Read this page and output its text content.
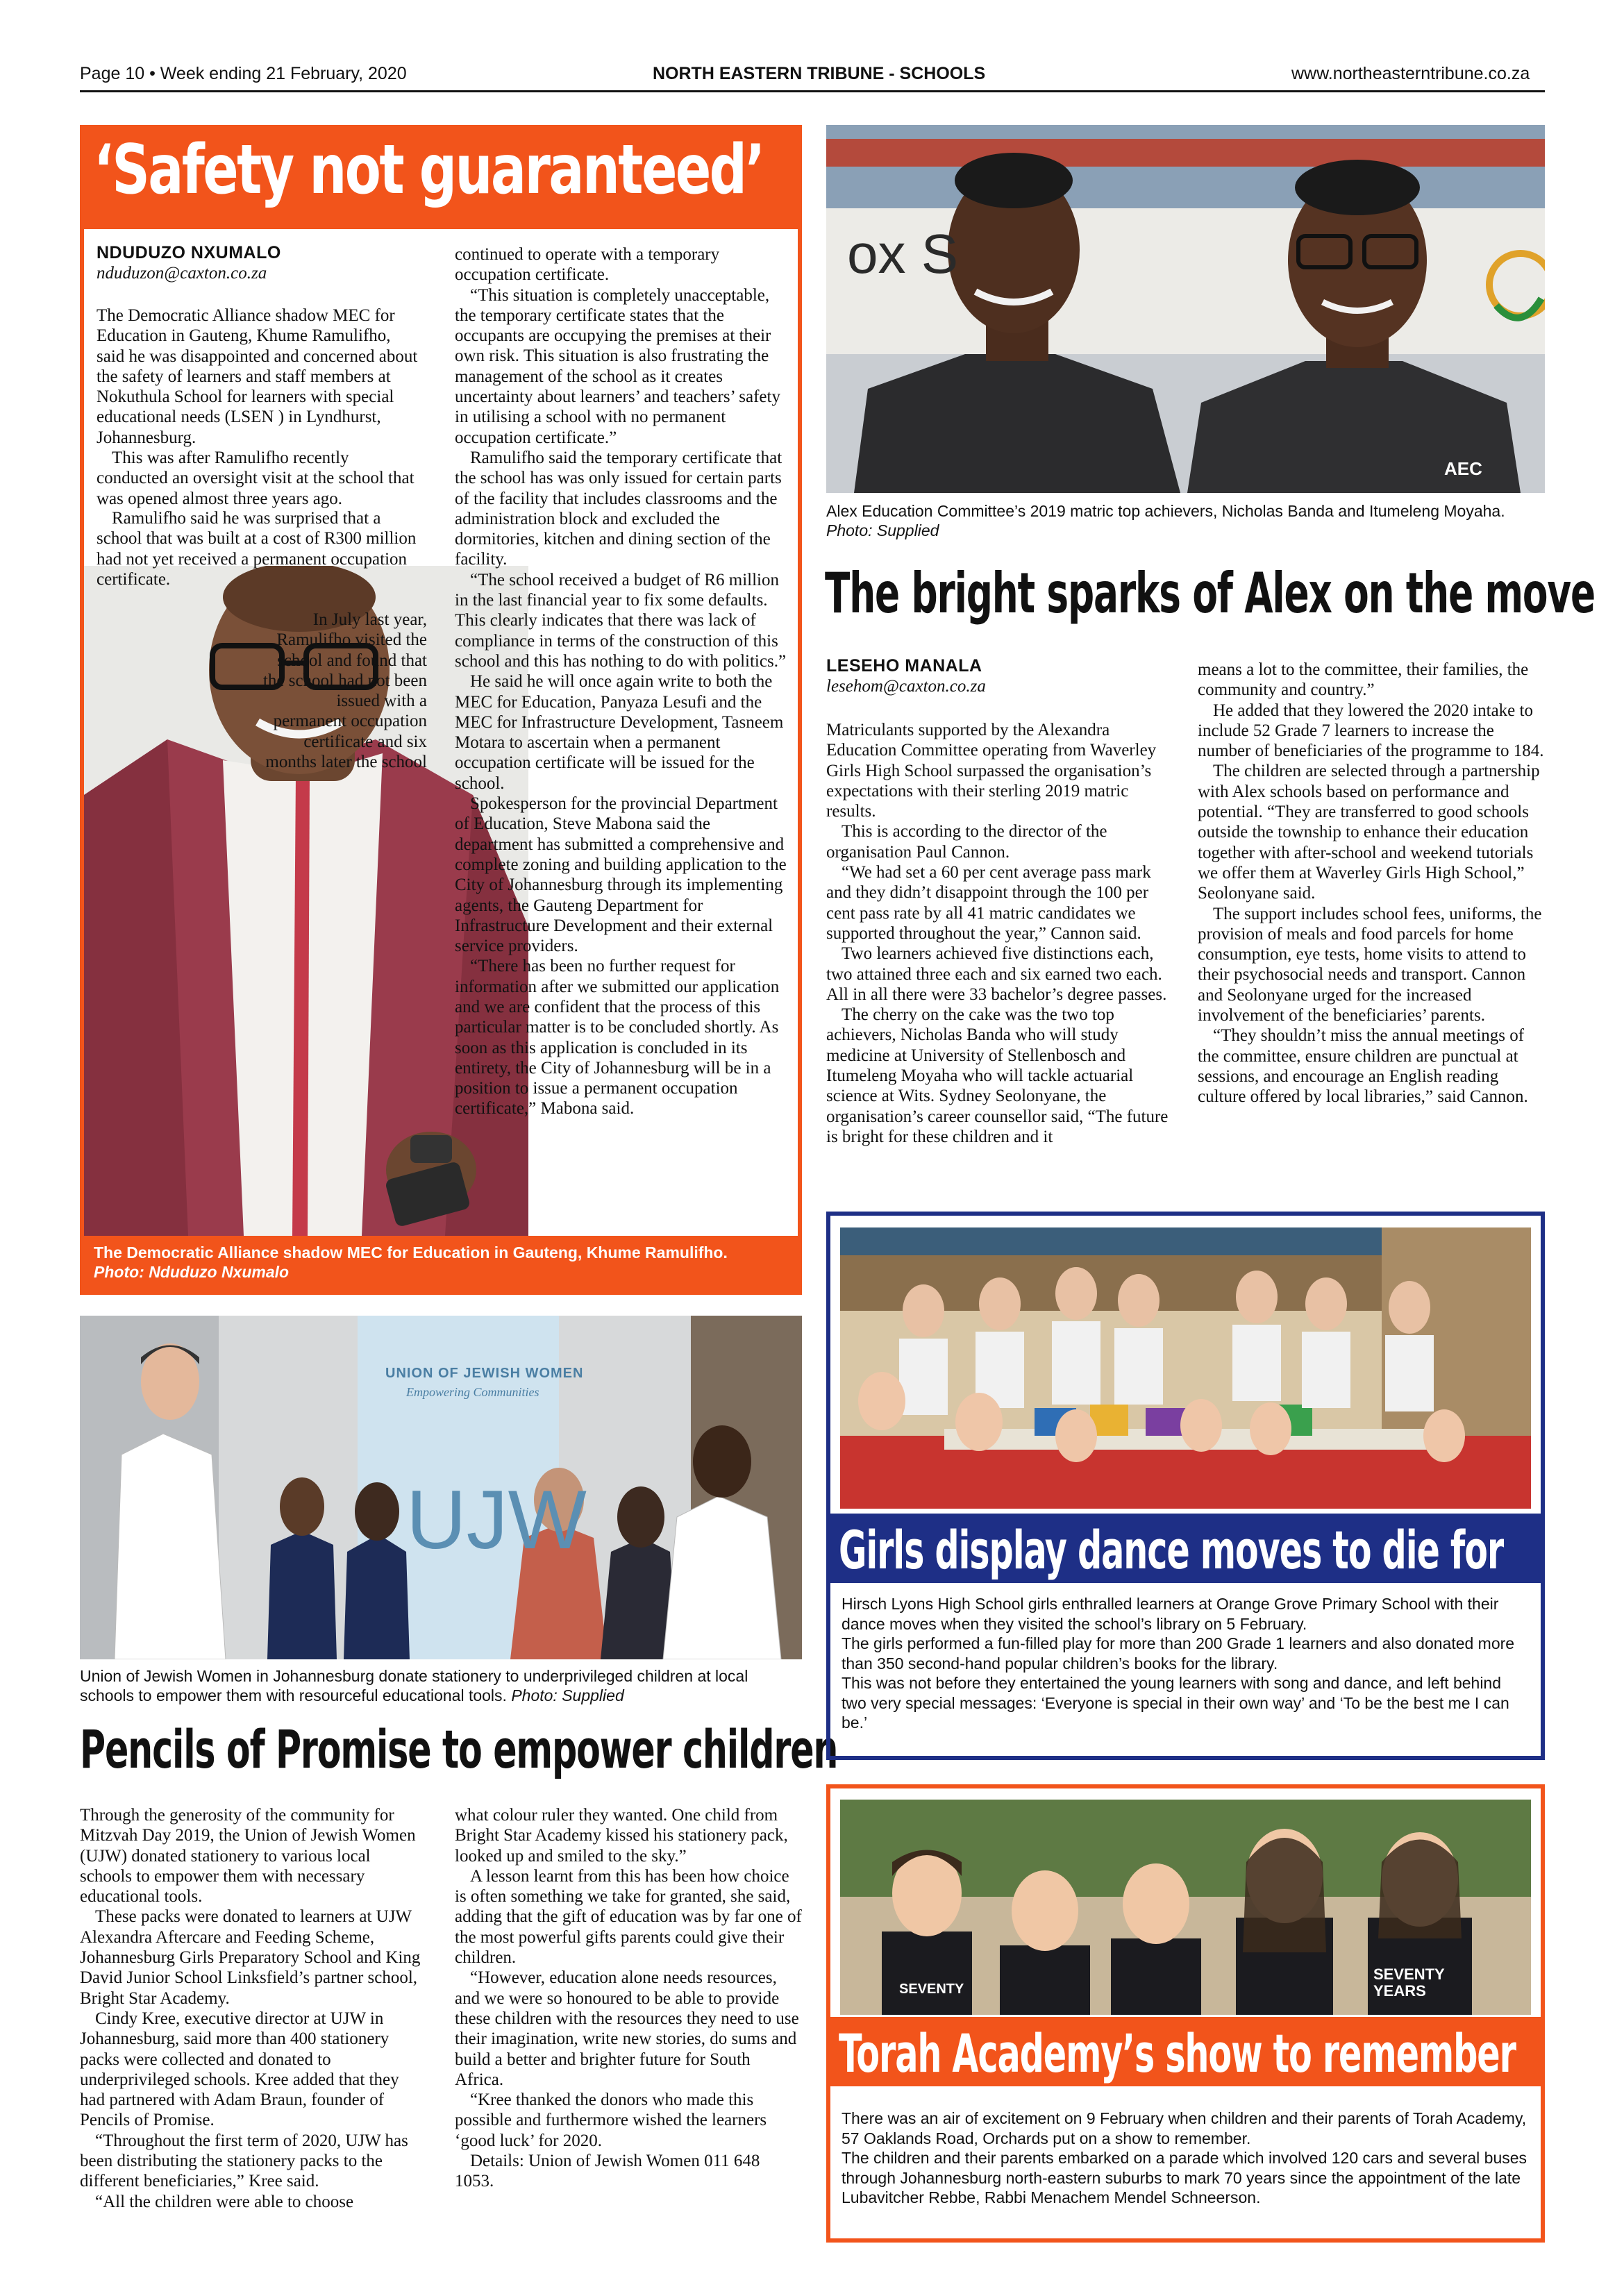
Page 10 • Week ending 21 February, 2020	NORTH EASTERN TRIBUNE - SCHOOLS	www.northeasterntribune.co.za
‘Safety not guaranteed’
NDUDUZO NXUMALO
nduduzon@caxton.co.za

The Democratic Alliance shadow MEC for Education in Gauteng, Khume Ramulifho, said he was disappointed and concerned about the safety of learners and staff members at Nokuthula School for learners with special educational needs (LSEN ) in Lyndhurst, Johannesburg.

This was after Ramulifho recently conducted an oversight visit at the school that was opened almost three years ago.

Ramulifho said he was surprised that a school that was built at a cost of R300 million had not yet received a permanent occupation certificate.

In July last year, Ramulifho visited the school and found that the school had not been issued with a permanent occupation certificate and six months later the school

continued to operate with a temporary occupation certificate.

“This situation is completely unacceptable, the temporary certificate states that the occupants are occupying the premises at their own risk. This situation is also frustrating the management of the school as it creates uncertainty about learners’ and teachers’ safety in utilising a school with no permanent occupation certificate.”

Ramulifho said the temporary certificate that the school has was only issued for certain parts of the facility that includes classrooms and the administration block and excluded the dormitories, kitchen and dining section of the facility.

“The school received a budget of R6 million in the last financial year to fix some defaults. This clearly indicates that there was lack of compliance in terms of the construction of this school and this has nothing to do with politics.”

He said he will once again write to both the MEC for Education, Panyaza Lesufi and the MEC for Infrastructure Development, Tasneem Motara to ascertain when a permanent occupation certificate will be issued for the school.

Spokesperson for the provincial Department of Education, Steve Mabona said the department has submitted a comprehensive and complete zoning and building application to the City of Johannesburg through its implementing agents, the Gauteng Department for Infrastructure Development and their external service providers.

“There has been no further request for information after we submitted our application and we are confident that the process of this particular matter is to be concluded shortly. As soon as this application is concluded in its entirety, the City of Johannesburg will be in a position to issue a permanent occupation certificate,” Mabona said.

The Democratic Alliance shadow MEC for Education in Gauteng, Khume Ramulifho.
Photo: Nduduzo Nxumalo
ox S
AEC
Alex Education Committee’s 2019 matric top achievers, Nicholas Banda and Itumeleng Moyaha. Photo: Supplied
The bright sparks of Alex on the move
LESEHO MANALA
lesehom@caxton.co.za

Matriculants supported by the Alexandra Education Committee operating from Waverley Girls High School surpassed the organisation’s expectations with their sterling 2019 matric results.

This is according to the director of the organisation Paul Cannon.

“We had set a 60 per cent average pass mark and they didn’t disappoint through the 100 per cent pass rate by all 41 matric candidates we supported throughout the year,” Cannon said.

Two learners achieved five distinctions each, two attained three each and six earned two each. All in all there were 33 bachelor’s degree passes.

The cherry on the cake was the two top achievers, Nicholas Banda who will study medicine at University of Stellenbosch and Itumeleng Moyaha who will tackle actuarial science at Wits. Sydney Seolonyane, the organisation’s career counsellor said, “The future is bright for these children and it

means a lot to the committee, their families, the community and country.”

He added that they lowered the 2020 intake to include 52 Grade 7 learners to increase the number of beneficiaries of the programme to 184.

The children are selected through a partnership with Alex schools based on performance and potential. “They are transferred to good schools outside the township to enhance their education together with after-school and weekend tutorials we offer them at Waverley Girls High School,” Seolonyane said.

The support includes school fees, uniforms, the provision of meals and food parcels for home consumption, eye tests, home visits to attend to their psychosocial needs and transport. Cannon and Seolonyane urged for the increased involvement of the beneficiaries’ parents.

“They shouldn’t miss the annual meetings of the committee, ensure children are punctual at sessions, and encourage an English reading culture offered by local libraries,” said Cannon.

UNION OF JEWISH WOMEN
Empowering Communities
UJW
Union of Jewish Women in Johannesburg donate stationery to underprivileged children at local schools to empower them with resourceful educational tools. Photo: Supplied
Pencils of Promise to empower children

Through the generosity of the community for Mitzvah Day 2019, the Union of Jewish Women (UJW) donated stationery to various local schools to empower them with necessary educational tools.

These packs were donated to learners at UJW Alexandra Aftercare and Feeding Scheme, Johannesburg Girls Preparatory School and King David Junior School Linksfield’s partner school, Bright Star Academy.

Cindy Kree, executive director at UJW in Johannesburg, said more than 400 stationery packs were collected and donated to underprivileged schools. Kree added that they had partnered with Adam Braun, founder of Pencils of Promise.

“Throughout the first term of 2020, UJW has been distributing the stationery packs to the different beneficiaries,” Kree said.

“All the children were able to choose

what colour ruler they wanted. One child from Bright Star Academy kissed his stationery pack, looked up and smiled to the sky.”

A lesson learnt from this has been how choice is often something we take for granted, she said, adding that the gift of education was by far one of the most powerful gifts parents could give their children.

“However, education alone needs resources, and we were so honoured to be able to provide these children with the resources they need to use their imagination, write new stories, do sums and build a better and brighter future for South Africa.

“Kree thanked the donors who made this possible and furthermore wished the learners ‘good luck’ for 2020.

Details: Union of Jewish Women 011 648 1053.

Girls display dance moves to die for
Hirsch Lyons High School girls enthralled learners at Orange Grove Primary School with their dance moves when they visited the school’s library on 5 February.
The girls performed a fun-filled play for more than 200 Grade 1 learners and also donated more than 350 second-hand popular children’s books for the library.
This was not before they entertained the young learners with song and dance, and left behind two very special messages: ‘Everyone is special in their own way’ and ‘To be the best me I can be.’
SEVENTY
SEVENTY YEARS
Torah Academy’s show to remember
There was an air of excitement on 9 February when children and their parents of Torah Academy, 57 Oaklands Road, Orchards put on a show to remember.
The children and their parents embarked on a parade which involved 120 cars and several buses through Johannesburg north-eastern suburbs to mark 70 years since the appointment of the late Lubavitcher Rebbe, Rabbi Menachem Mendel Schneerson.
